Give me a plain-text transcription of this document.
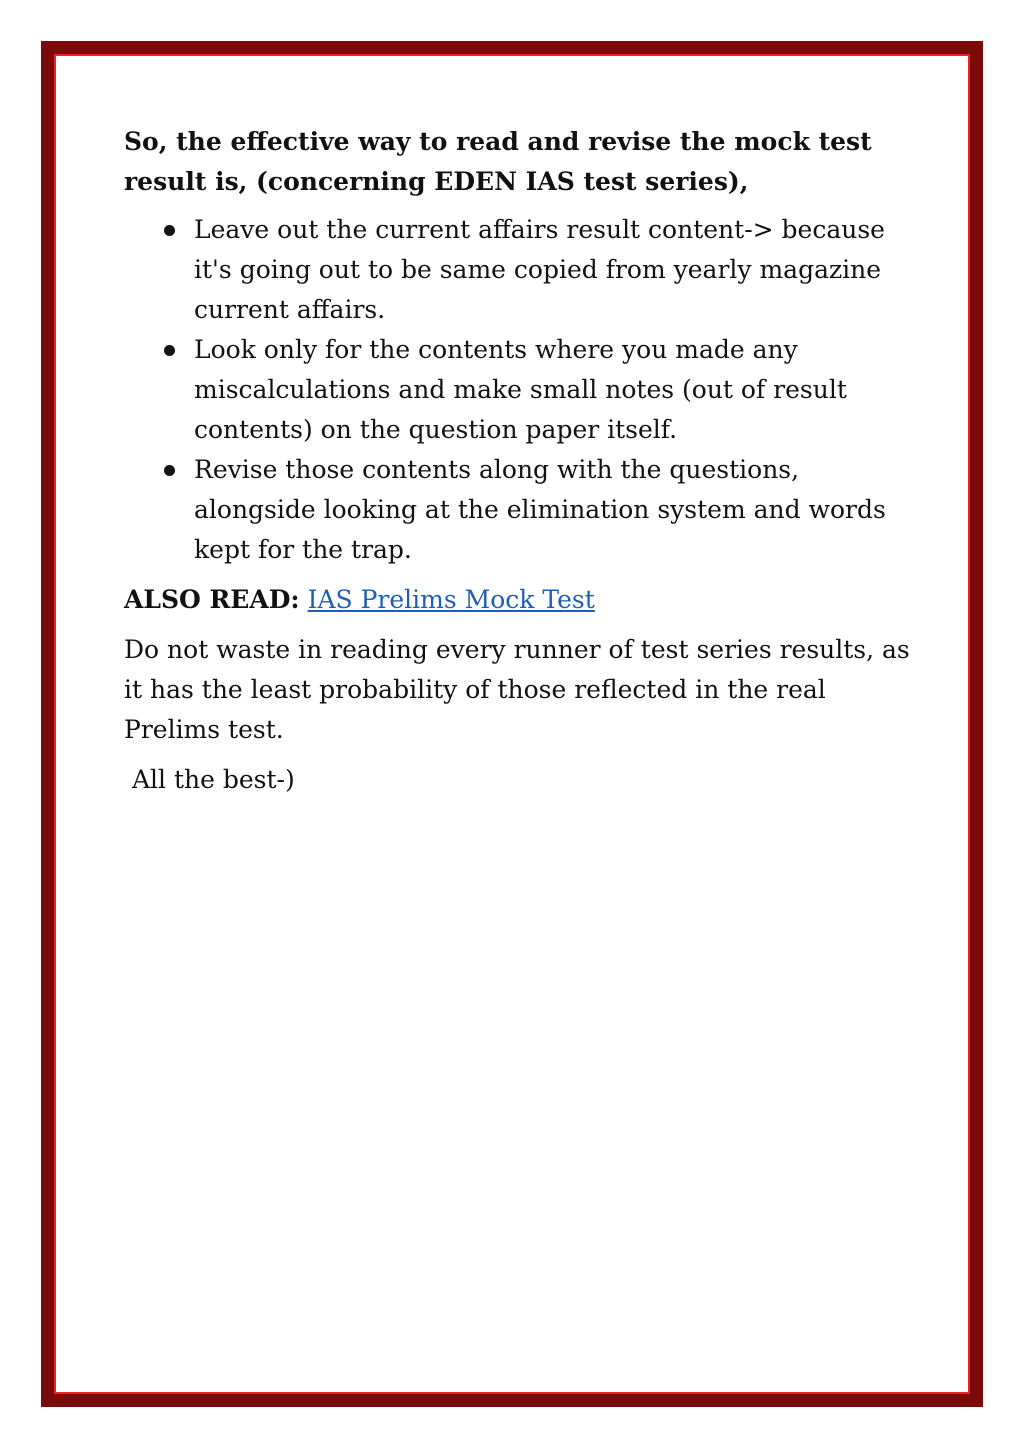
So, the effective way to read and revise the mock test result is, (concerning EDEN IAS test series),
Leave out the current affairs result content-> because it's going out to be same copied from yearly magazine current affairs.
Look only for the contents where you made any miscalculations and make small notes (out of result contents) on the question paper itself.
Revise those contents along with the questions, alongside looking at the elimination system and words kept for the trap.
ALSO READ: IAS Prelims Mock Test
Do not waste in reading every runner of test series results, as it has the least probability of those reflected in the real Prelims test.
All the best-)
